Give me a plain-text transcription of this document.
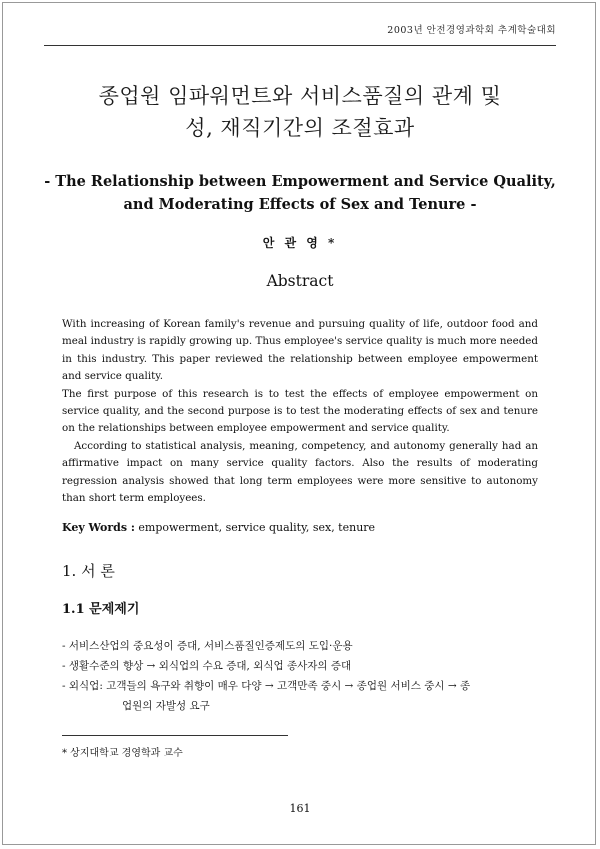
2003년 안전경영과학회 추계학술대회
종업원 임파워먼트와 서비스품질의 관계 및
성, 재직기간의 조절효과
- The Relationship between Empowerment and Service Quality,
and Moderating Effects of Sex and Tenure -
안 관 영 *
Abstract

With increasing of Korean family's revenue and pursuing quality of life, outdoor food and meal industry is rapidly growing up. Thus employee's service quality is much more needed in this industry. This paper reviewed the relationship between employee empowerment and service quality.

The first purpose of this research is to test the effects of employee empowerment on service quality, and the second purpose is to test the moderating effects of sex and tenure on the relationships between employee empowerment and service quality.

According to statistical analysis, meaning, competency, and autonomy generally had an affirmative impact on many service quality factors. Also the results of moderating regression analysis showed that long term employees were more sensitive to autonomy than short term employees.

Key Words : empowerment, service quality, sex, tenure
1. 서 론
1.1 문제제기
- 서비스산업의 중요성이 증대, 서비스품질인증제도의 도입·운용
- 생활수준의 향상 → 외식업의 수요 증대, 외식업 종사자의 증대
- 외식업: 고객들의 욕구와 취향이 매우 다양 → 고객만족 중시 → 종업원 서비스 중시 → 종
업원의 자발성 요구
* 상지대학교 경영학과 교수
161
